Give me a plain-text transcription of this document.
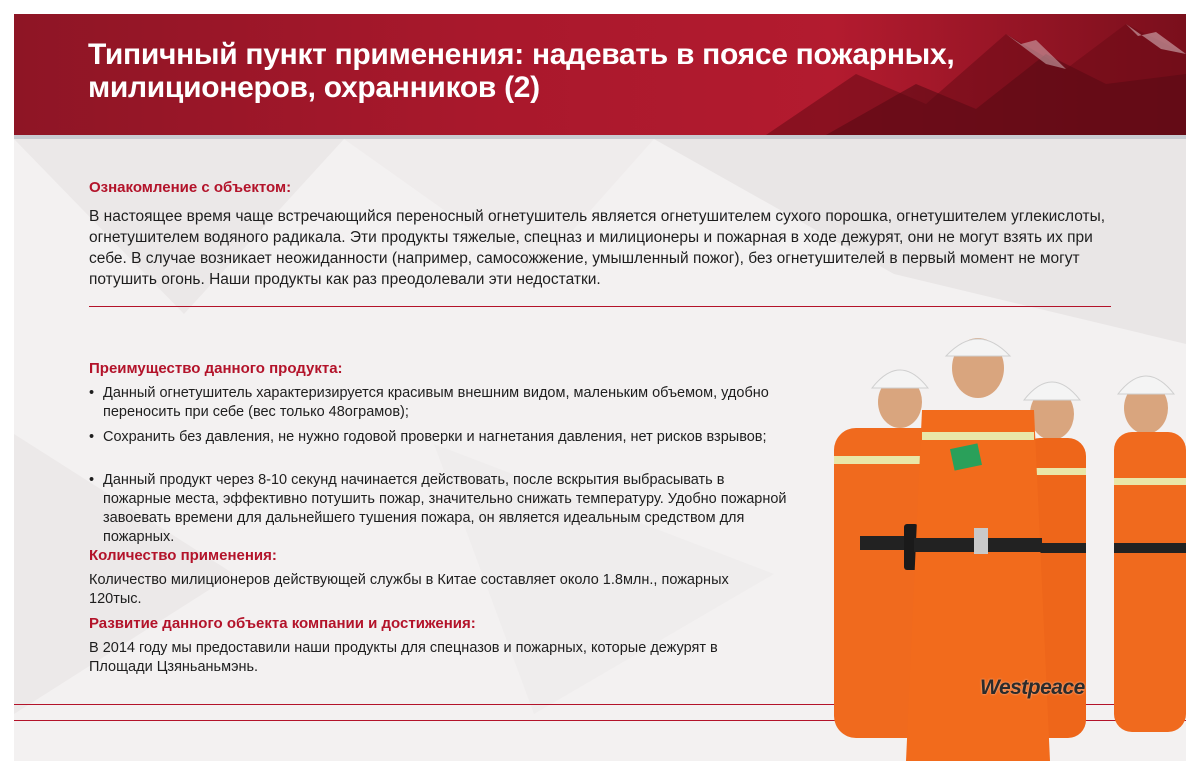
Типичный пункт применения: надевать в поясе пожарных, милиционеров, охранников (2)
Ознакомление с объектом:
В настоящее время чаще встречающийся переносный огнетушитель является огнетушителем сухого порошка, огнетушителем углекислоты, огнетушителем водяного радикала. Эти продукты тяжелые, спецназ и милиционеры и пожарная в ходе дежурят, они не могут взять их при себе. В случае возникает неожиданности (например, самосожжение, умышленный пожог), без огнетушителей в первый момент не могут потушить огонь. Наши продукты как раз преодолевали эти недостатки.
Преимущество данного продукта:
• Данный огнетушитель характеризируется красивым внешним видом, маленьким объемом, удобно переносить при себе (вес только 48ограмов);
• Сохранить без давления, не нужно годовой проверки и нагнетания давления, нет рисков взрывов;
• Данный продукт через 8-10 секунд начинается действовать, после вскрытия выбрасывать в пожарные места, эффективно потушить пожар, значительно снижать температуру. Удобно пожарной завоевать времени для дальнейшего тушения пожара, он является идеальным средством для пожарных.
Количество применения:
Количество милиционеров действующей службы в Китае составляет около 1.8млн., пожарных 120тыс.
Развитие данного объекта компании и достижения:
В 2014 году мы предоставили наши продукты для спецназов и пожарных, которые дежурят в Площади Цзяньаньмэнь.
Westpeace
